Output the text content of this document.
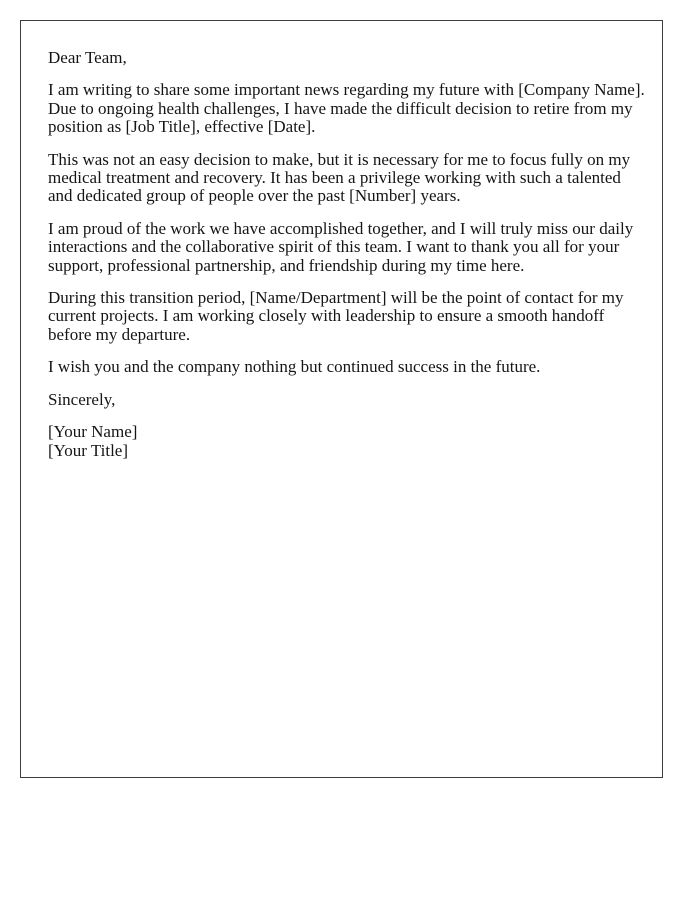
Dear Team,

I am writing to share some important news regarding my future with [Company Name]. Due to ongoing health challenges, I have made the difficult decision to retire from my position as [Job Title], effective [Date].

This was not an easy decision to make, but it is necessary for me to focus fully on my medical treatment and recovery. It has been a privilege working with such a talented and dedicated group of people over the past [Number] years.

I am proud of the work we have accomplished together, and I will truly miss our daily interactions and the collaborative spirit of this team. I want to thank you all for your support, professional partnership, and friendship during my time here.

During this transition period, [Name/Department] will be the point of contact for my current projects. I am working closely with leadership to ensure a smooth handoff before my departure.

I wish you and the company nothing but continued success in the future.

Sincerely,

[Your Name]

[Your Title]
